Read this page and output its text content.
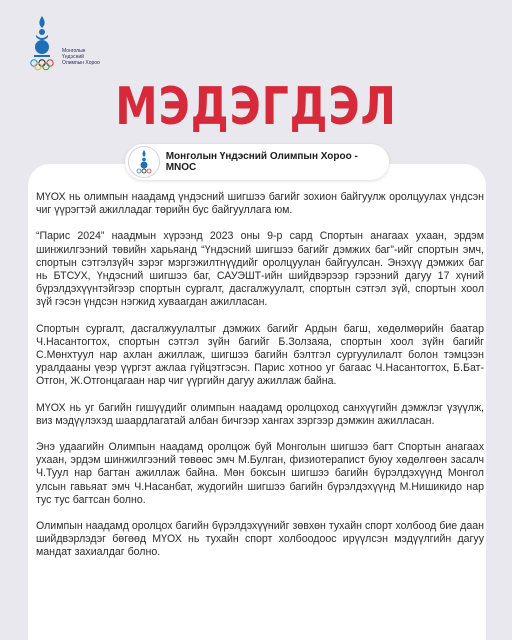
Монголын
Үндэсний
Олимпын Хороо
МЭДЭГДЭЛ
Монголын Үндэсний Олимпын Хороо - MNOC

МҮОХ нь олимпын наадамд үндэсний шигшээ багийг зохион байгуулж оролцуулах үндсэн чиг үүрэгтэй ажилладаг төрийн бус байгууллага юм.

“Парис 2024” наадмын хүрээнд 2023 оны 9-р сард Спортын анагаах ухаан, эрдэм шинжилгээний төвийн харьяанд “Үндэсний шигшээ багийг дэмжих баг”-ийг спортын эмч, спортын сэтгэлзүйч зэрэг мэргэжилтнүүдийг оролцуулан байгуулсан. Энэхүү дэмжих баг нь БТСУХ, Үндэсний шигшээ баг, САУЭШТ-ийн шийдвэрээр гэрээний дагуу 17 хүний бүрэлдэхүүнтэйгээр спортын сургалт, дасгалжуулалт, спортын сэтгэл зүй, спортын хоол зүй гэсэн үндсэн нэгжид хуваагдан ажилласан.

Спортын сургалт, дасгалжуулалтыг дэмжих багийг Ардын багш, хөдөлмөрийн баатар Ч.Насантогтох, спортын сэтгэл зүйн багийг Б.Золзаяа, спортын хоол зүйн багийг С.Мөнхтуул нар ахлан ажиллаж, шигшээ багийн бэлтгэл сургуулилалт болон тэмцээн уралдааны үеэр үүргэт ажлаа гүйцэтгэсэн. Парис хотноо уг багаас Ч.Насантогтох, Б.Бат-Отгон, Ж.Отгонцагаан нар чиг үүргийн дагуу ажиллаж байна.

МҮОХ нь уг багийн гишүүдийг олимпын наадамд оролцоход санхүүгийн дэмжлэг үзүүлж, виз мэдүүлэхэд шаардлагатай албан бичгээр хангах зэргээр дэмжин ажилласан.

Энэ удаагийн Олимпын наадамд оролцож буй Монголын шигшээ багт Спортын анагаах ухаан, эрдэм шинжилгээний төвөөс эмч М.Булган, физиотерапист буюу хөдөлгөөн засалч Ч.Туул нар багтан ажиллаж байна. Мөн боксын шигшээ багийн бүрэлдэхүүнд Монгол улсын гавьяат эмч Ч.Насанбат, жудогийн шигшээ багийн бүрэлдэхүүнд М.Нишикидо нар тус тус багтсан болно.

Олимпын наадамд оролцох багийн бүрэлдэхүүнийг зөвхөн тухайн спорт холбоод бие даан шийдвэрлэдэг бөгөөд МҮОХ нь тухайн спорт холбоодоос ирүүлсэн мэдүүлгийн дагуу мандат захиалдаг болно.
